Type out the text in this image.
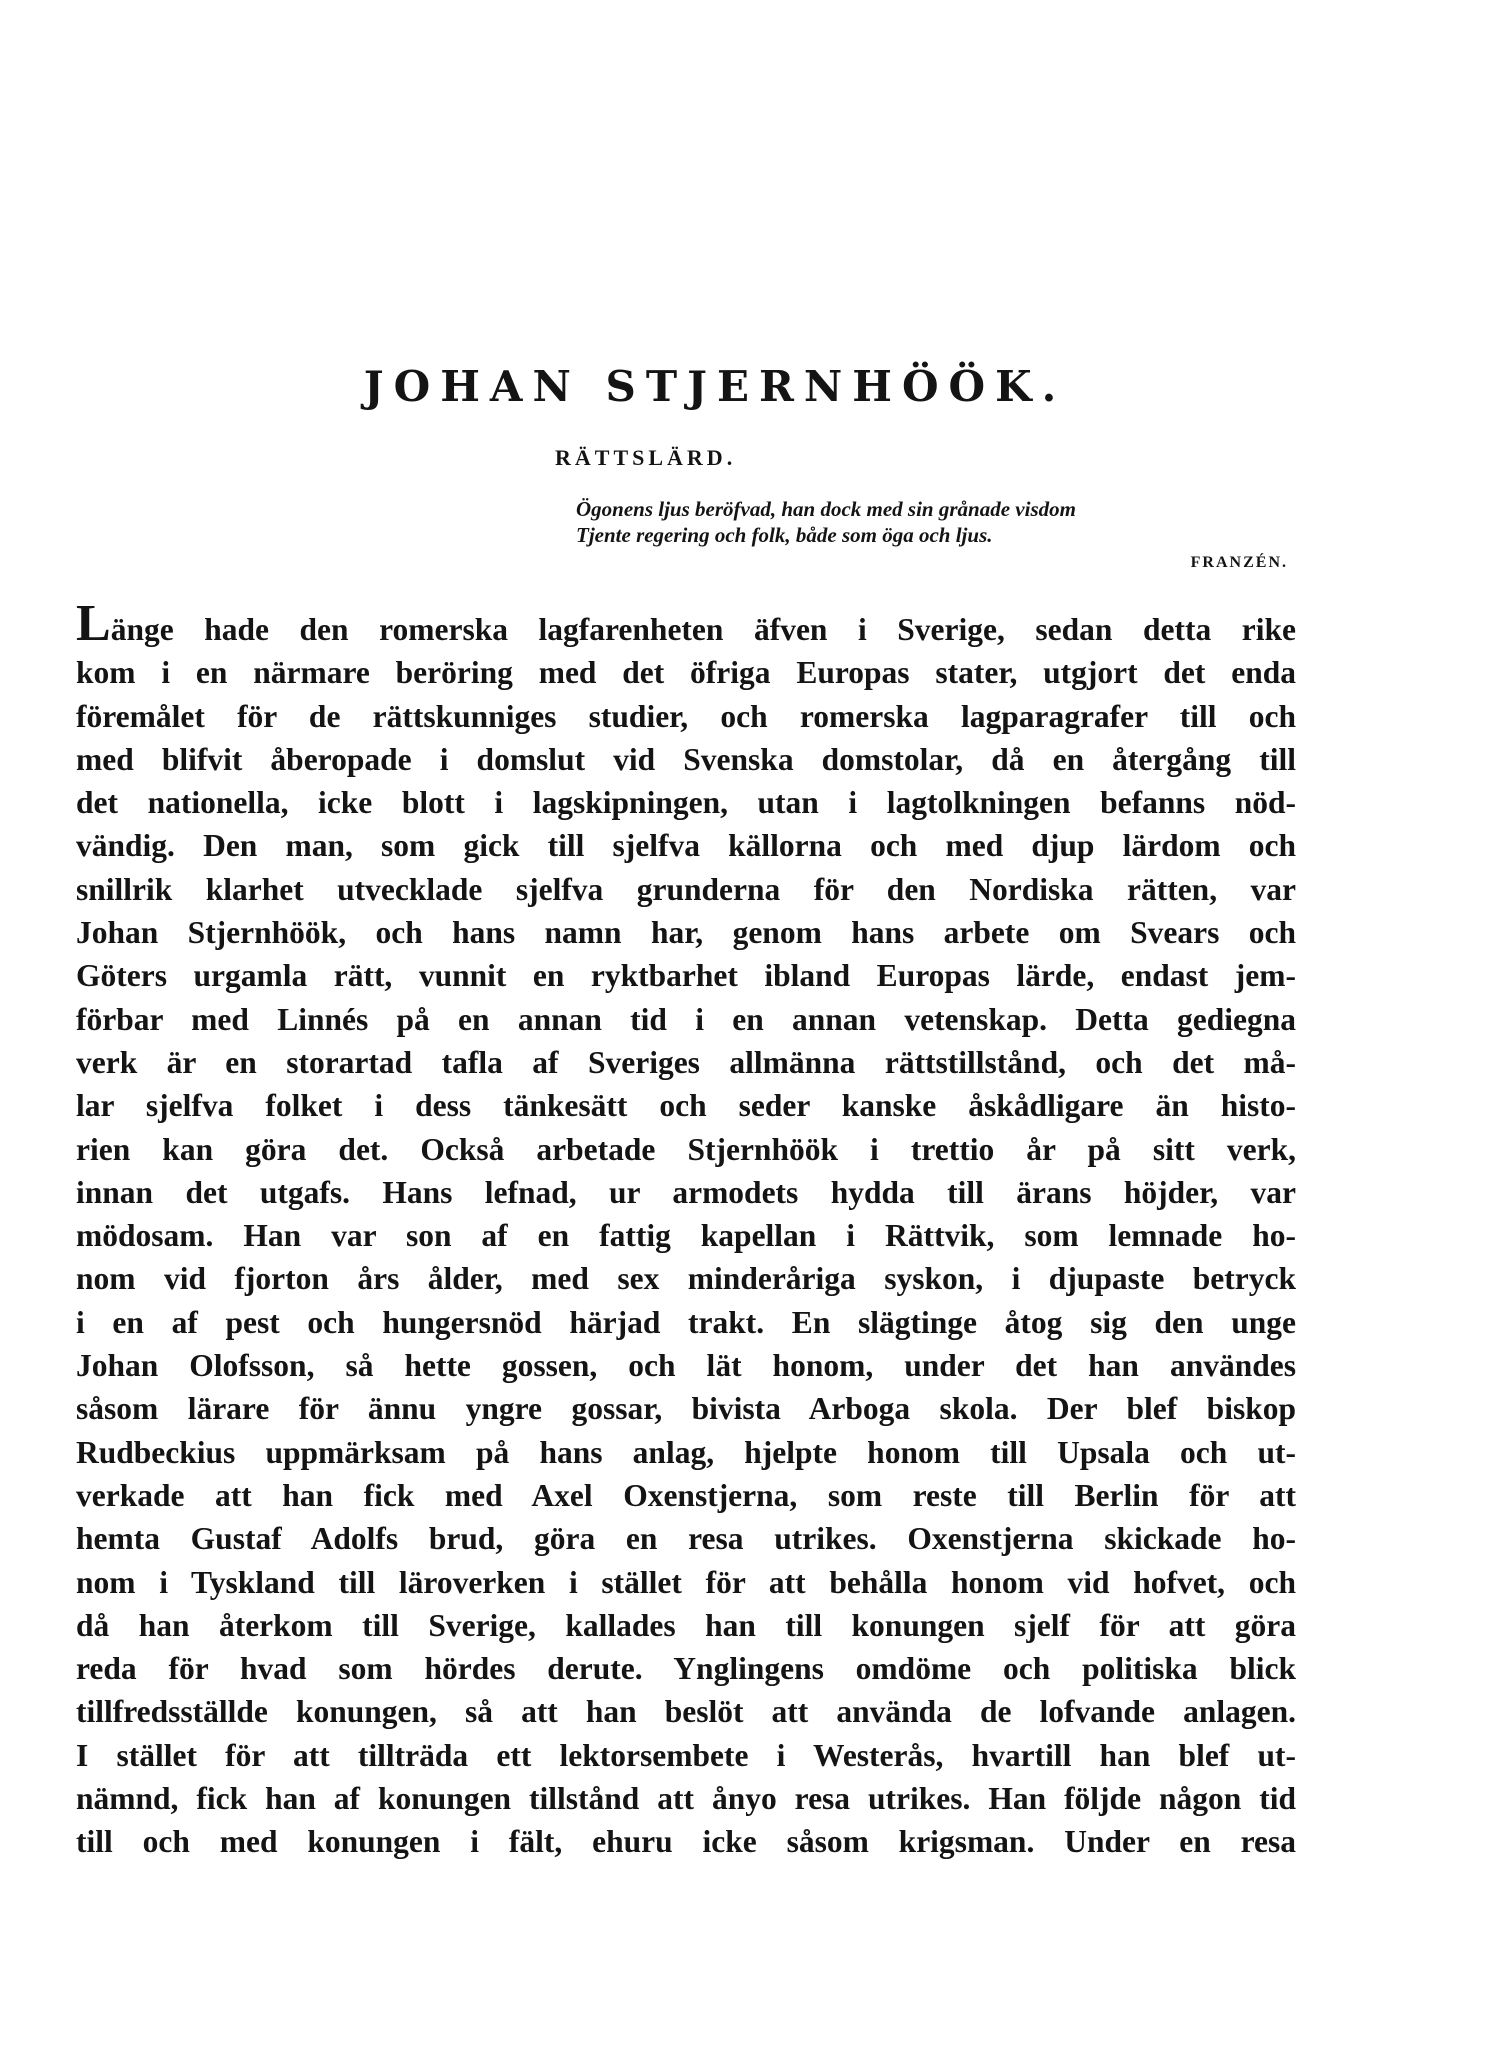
JOHAN STJERNHÖÖK.
RÄTTSLÄRD.
Ögonens ljus beröfvad, han dock med sin grånade visdom
Tjente regering och folk, både som öga och ljus.
FRANZÉN.
Länge hade den romerska lagfarenheten äfven i Sverige, sedan detta rike
kom i en närmare beröring med det öfriga Europas stater, utgjort det enda
föremålet för de rättskunniges studier, och romerska lagparagrafer till och
med blifvit åberopade i domslut vid Svenska domstolar, då en återgång till
det nationella, icke blott i lagskipningen, utan i lagtolkningen befanns nöd-
vändig. Den man, som gick till sjelfva källorna och med djup lärdom och
snillrik klarhet utvecklade sjelfva grunderna för den Nordiska rätten, var
Johan Stjernhöök, och hans namn har, genom hans arbete om Svears och
Göters urgamla rätt, vunnit en ryktbarhet ibland Europas lärde, endast jem-
förbar med Linnés på en annan tid i en annan vetenskap. Detta gediegna
verk är en storartad tafla af Sveriges allmänna rättstillstånd, och det må-
lar sjelfva folket i dess tänkesätt och seder kanske åskådligare än histo-
rien kan göra det. Också arbetade Stjernhöök i trettio år på sitt verk,
innan det utgafs. Hans lefnad, ur armodets hydda till ärans höjder, var
mödosam. Han var son af en fattig kapellan i Rättvik, som lemnade ho-
nom vid fjorton års ålder, med sex minderåriga syskon, i djupaste betryck
i en af pest och hungersnöd härjad trakt. En slägtinge åtog sig den unge
Johan Olofsson, så hette gossen, och lät honom, under det han användes
såsom lärare för ännu yngre gossar, bivista Arboga skola. Der blef biskop
Rudbeckius uppmärksam på hans anlag, hjelpte honom till Upsala och ut-
verkade att han fick med Axel Oxenstjerna, som reste till Berlin för att
hemta Gustaf Adolfs brud, göra en resa utrikes. Oxenstjerna skickade ho-
nom i Tyskland till läroverken i stället för att behålla honom vid hofvet, och
då han återkom till Sverige, kallades han till konungen sjelf för att göra
reda för hvad som hördes derute. Ynglingens omdöme och politiska blick
tillfredsställde konungen, så att han beslöt att använda de lofvande anlagen.
I stället för att tillträda ett lektorsembete i Westerås, hvartill han blef ut-
nämnd, fick han af konungen tillstånd att ånyo resa utrikes. Han följde någon tid
till och med konungen i fält, ehuru icke såsom krigsman. Under en resa
